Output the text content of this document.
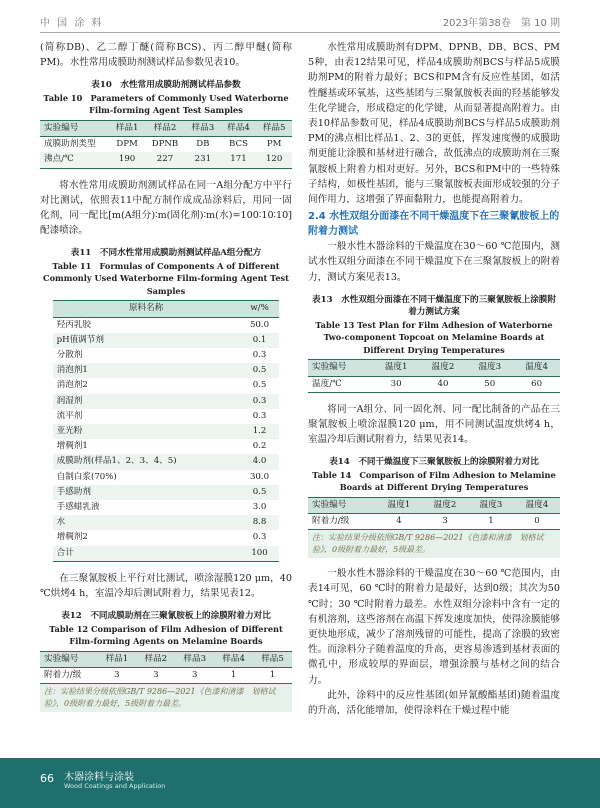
中 国 涂 料	2023年第38卷　第 10 期

(简称DB)、乙二醇丁醚(简称BCS)、丙二醇甲醚(简称PM)。水性常用成膜助剂测试样品参数见表10。

表10　水性常用成膜助剂测试样品参数
Table 10　Parameters of Commonly Used Waterborne Film-forming Agent Test Samples
实验编号	样品1	样品2	样品3	样品4	样品5
成膜助剂类型	DPM	DPNB	DB	BCS	PM
沸点/℃	190	227	231	171	120

将水性常用成膜助剂测试样品在同一A组分配方中平行对比测试，依照表11中配方制作成成品涂料后，用同一固化剂，同一配比[m(A组分)∶m(固化剂)∶m(水)=100∶10∶10]配漆喷涂。

表11　不同水性常用成膜助剂测试样品A组分配方
Table 11　Formulas of Components A of Different Commonly Used Waterborne Film-forming Agent Test Samples
原料名称	w/%
羟丙乳胶	50.0
pH值调节剂	0.1
分散剂	0.3
消泡剂1	0.5
消泡剂2	0.5
润湿剂	0.3
流平剂	0.3
亚光粉	1.2
增稠剂1	0.2
成膜助剂(样品1、2、3、4、5)	4.0
自制白浆(70%)	30.0
手感助剂	0.5
手感蜡乳液	3.0
水	8.8
增稠剂2	0.3
合计	100

在三聚氰胺板上平行对比测试，喷涂湿膜120 μm，40 ℃烘烤4 h，室温冷却后测试附着力，结果见表12。

表12　不同成膜助剂在三聚氰胺板上的涂膜附着力对比
Table 12 Comparison of Film Adhesion of Different Film-forming Agents on Melamine Boards
实验编号	样品1	样品2	样品3	样品4	样品5
附着力/级	3	3	3	1	1
注：实验结果分级依照GB/T 9286—2021《色漆和清漆　划格试验》，0级附着力最好，5级附着力最差。

水性常用成膜助剂有DPM、DPNB、DB、BCS、PM 5种，由表12结果可见，样品4成膜助剂BCS与样品5成膜助剂PM的附着力最好；BCS和PM含有反应性基团，如活性醚基或环氧基，这些基团与三聚氰胺板表面的羟基能够发生化学键合，形成稳定的化学键，从而显著提高附着力。由表10样品参数可见，样品4成膜助剂BCS与样品5成膜助剂PM的沸点相比样品1、2、3的更低，挥发速度慢的成膜助剂更能让涂膜和基材进行融合，故低沸点的成膜助剂在三聚氰胺板上附着力相对更好。另外，BCS和PM中的一些特殊子结构，如极性基团，能与三聚氰胺板表面形成较强的分子间作用力，这增强了界面黏附力，也能提高附着力。

2.4 水性双组分面漆在不同干燥温度下在三聚氰胺板上的附着力测试

一般水性木器涂料的干燥温度在30～60 ℃范围内，测试水性双组分面漆在不同干燥温度下在三聚氰胺板上的附着力，测试方案见表13。

表13　水性双组分面漆在不同干燥温度下的三聚氰胺板上涂膜附着力测试方案
Table 13 Test Plan for Film Adhesion of Waterborne Two-component Topcoat on Melamine Boards at Different Drying Temperatures
实验编号	温度1	温度2	温度3	温度4
温度/℃	30	40	50	60

将同一A组分、同一固化剂、同一配比制备的产品在三聚氰胺板上喷涂湿膜120 μm，用不同测试温度烘烤4 h，室温冷却后测试附着力，结果见表14。

表14　不同干燥温度下三聚氰胺板上的涂膜附着力对比
Table 14　Comparison of Film Adhesion to Melamine Boards at Different Drying Temperatures
实验编号	温度1	温度2	温度3	温度4
附着力/级	4	3	1	0
注：实验结果分级依照GB/T 9286—2021《色漆和清漆　划格试验》，0级附着力最好，5级最差。

一般水性木器涂料的干燥温度在30～60 ℃范围内，由表14可见，60 ℃时的附着力是最好，达到0级；其次为50 ℃时；30 ℃时附着力最差。水性双组分涂料中含有一定的有机溶剂，这些溶剂在高温下挥发速度加快，使得涂膜能够更快地形成，减少了溶剂残留的可能性，提高了涂膜的致密性。而涂料分子随着温度的升高，更容易渗透到基材表面的微孔中，形成较厚的界面层，增强涂膜与基材之间的结合力。

此外，涂料中的反应性基团(如异氰酸酯基团)随着温度的升高，活化能增加，使得涂料在干燥过程中能

66 木器涂料与涂装
Wood Coatings and Application
